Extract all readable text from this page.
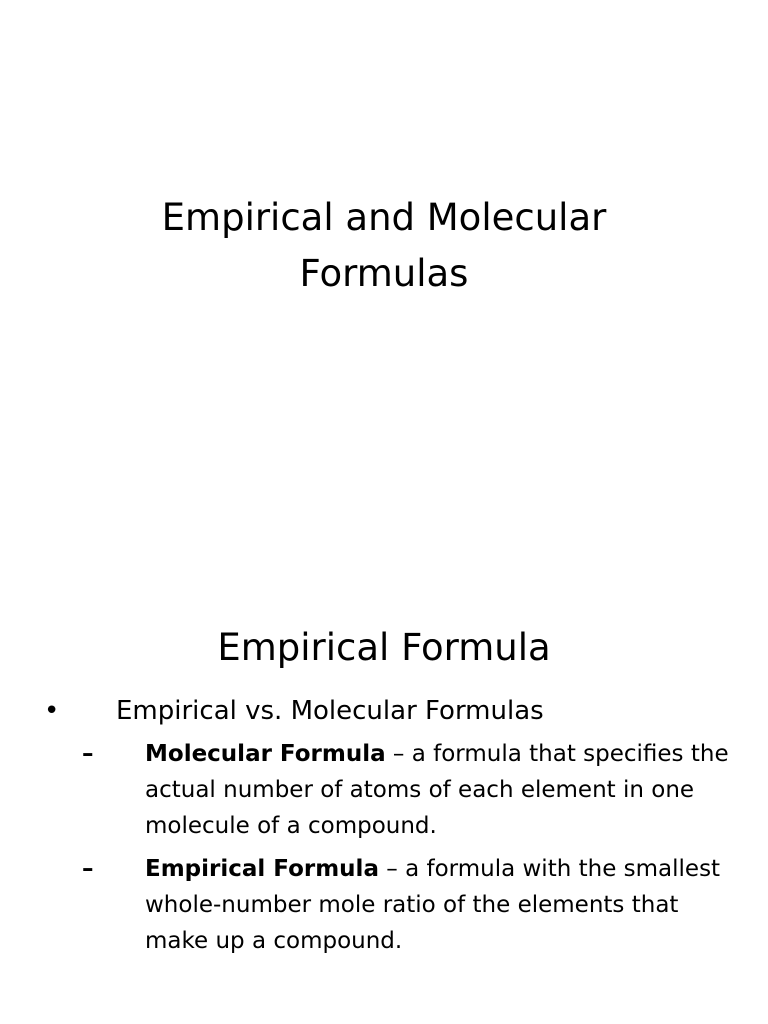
Empirical and Molecular
Formulas
Empirical Formula
• Empirical vs. Molecular Formulas
– Molecular Formula – a formula that specifies the actual number of atoms of each element in one molecule of a compound.
– Empirical Formula – a formula with the smallest whole-number mole ratio of the elements that make up a compound.
